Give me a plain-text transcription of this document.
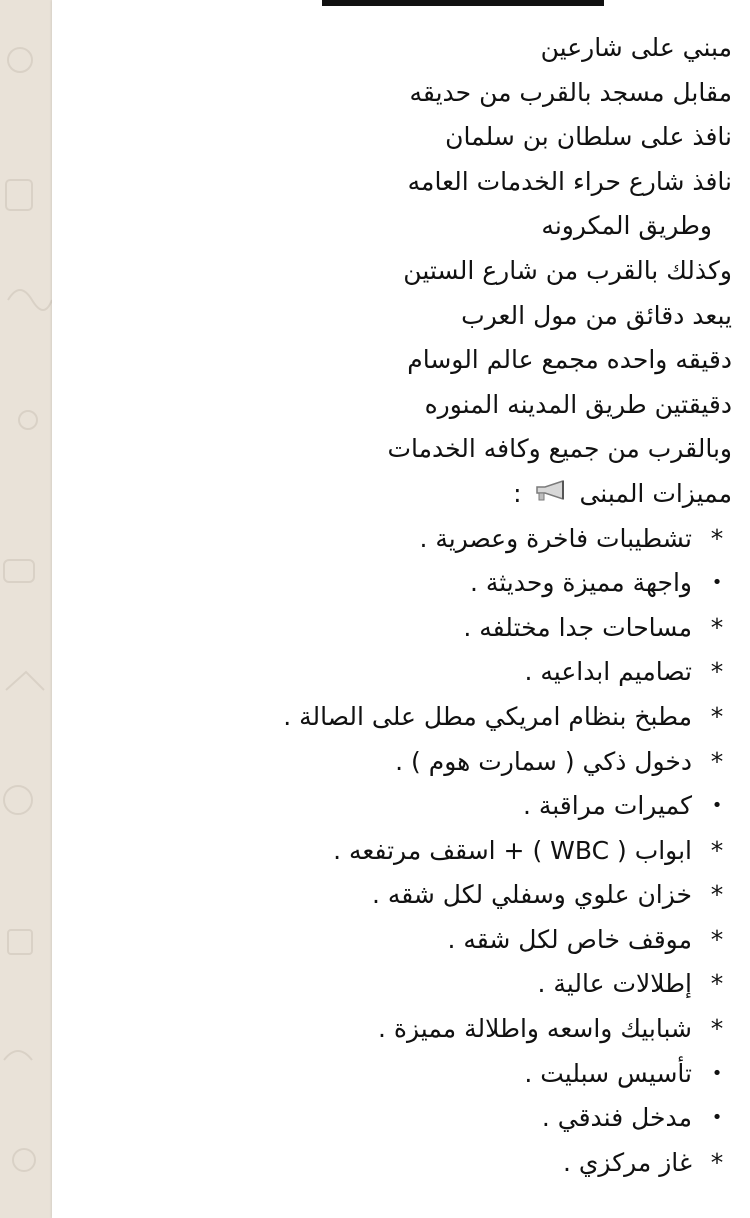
مبني على شارعين
مقابل مسجد بالقرب من حديقه
نافذ على سلطان بن سلمان
نافذ شارع حراء الخدمات العامه
وطريق المكرونه
وكذلك بالقرب من شارع الستين
يبعد دقائق من مول العرب
دقيقه واحده مجمع عالم الوسام
دقيقتين طريق المدينه المنوره
وبالقرب من جميع وكافه الخدمات
مميزات المبنى  :
*
تشطيبات فاخرة وعصرية .
•
واجهة مميزة وحديثة .
*
مساحات جدا مختلفه .
*
تصاميم ابداعيه .
*
مطبخ بنظام امريكي مطل على الصالة .
*
دخول ذكي ( سمارت هوم ) .
•
كميرات مراقبة .
*
ابواب ( WBC ) + اسقف مرتفعه .
*
خزان علوي وسفلي لكل شقه .
*
موقف خاص لكل شقه .
*
إطلالات عالية .
*
شبابيك واسعه واطلالة مميزة .
•
تأسيس سبليت .
•
مدخل فندقي .
*
غاز مركزي .
